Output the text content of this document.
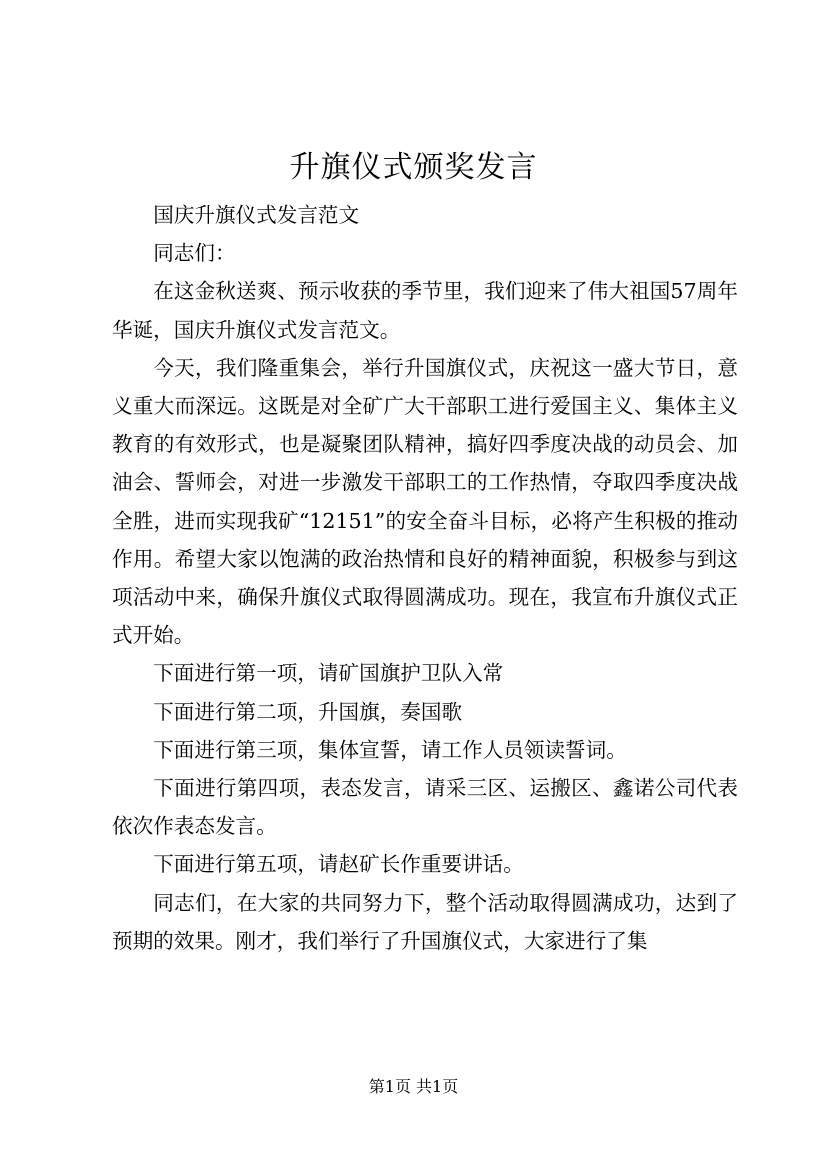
升旗仪式颁奖发言

国庆升旗仪式发言范文

同志们：

在这金秋送爽、预示收获的季节里，我们迎来了伟大祖国57周年华诞，国庆升旗仪式发言范文。

今天，我们隆重集会，举行升国旗仪式，庆祝这一盛大节日，意义重大而深远。这既是对全矿广大干部职工进行爱国主义、集体主义教育的有效形式，也是凝聚团队精神，搞好四季度决战的动员会、加油会、誓师会，对进一步激发干部职工的工作热情，夺取四季度决战全胜，进而实现我矿“12151”的安全奋斗目标，必将产生积极的推动作用。希望大家以饱满的政治热情和良好的精神面貌，积极参与到这项活动中来，确保升旗仪式取得圆满成功。现在，我宣布升旗仪式正式开始。

下面进行第一项，请矿国旗护卫队入常

下面进行第二项，升国旗，奏国歌

下面进行第三项，集体宣誓，请工作人员领读誓词。

下面进行第四项，表态发言，请采三区、运搬区、鑫诺公司代表依次作表态发言。

下面进行第五项，请赵矿长作重要讲话。

同志们，在大家的共同努力下，整个活动取得圆满成功，达到了预期的效果。刚才，我们举行了升国旗仪式，大家进行了集

第1页 共1页
